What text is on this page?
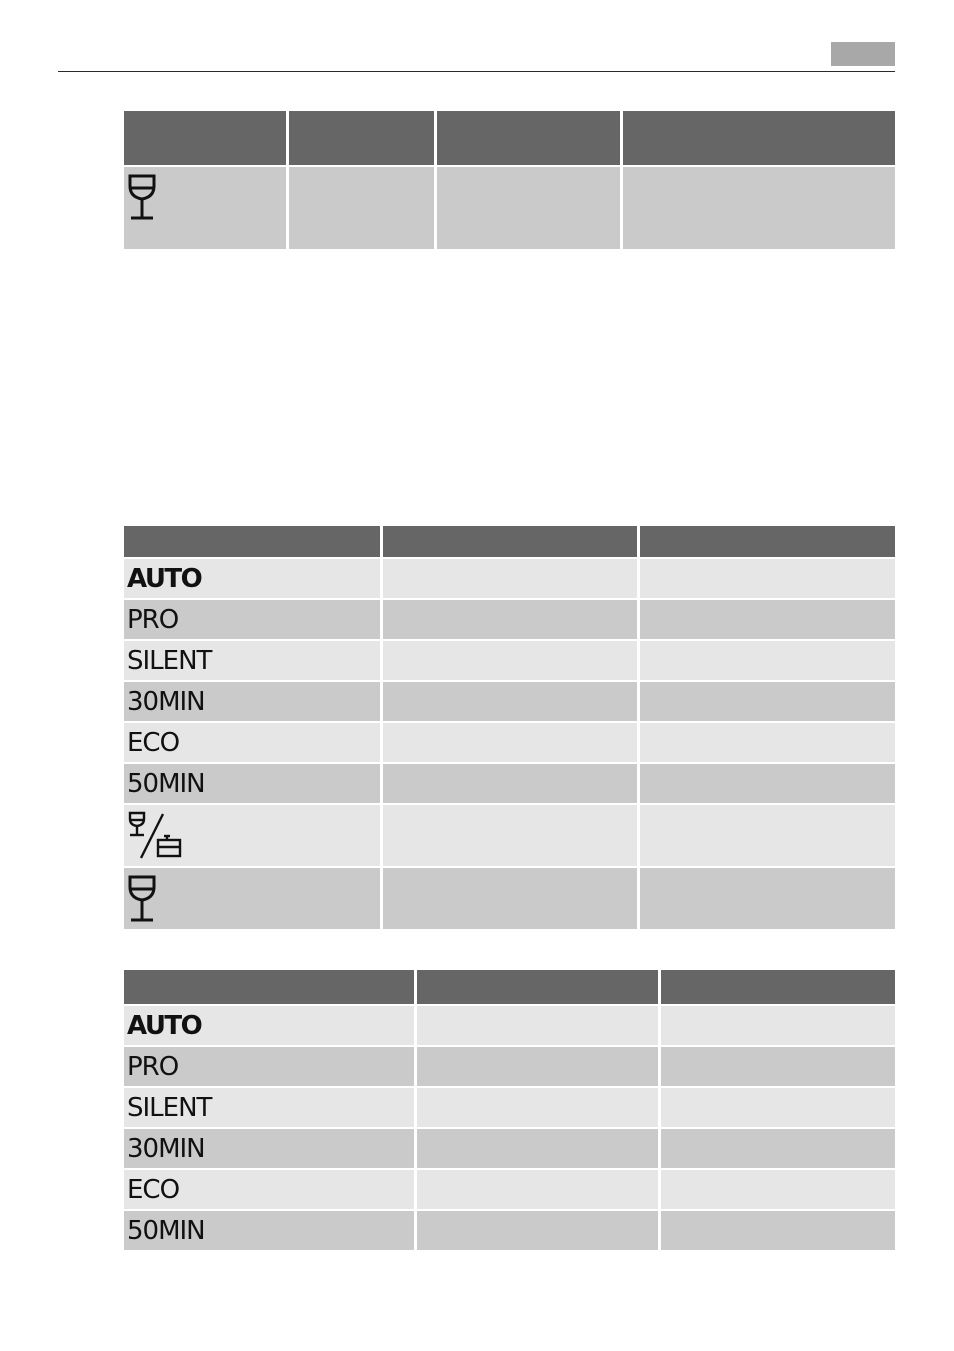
AUTO		
PRO		
SILENT		
30MIN		
ECO		
50MIN		

AUTO		
PRO		
SILENT		
30MIN		
ECO		
50MIN		
